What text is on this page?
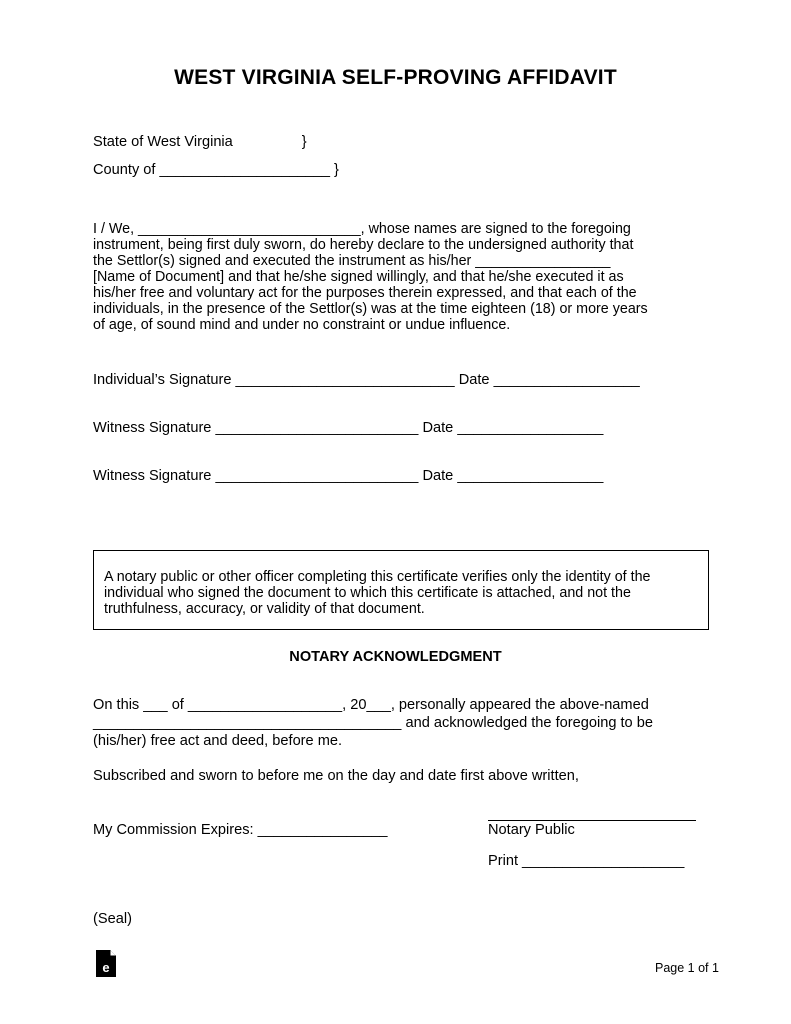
WEST VIRGINIA SELF-PROVING AFFIDAVIT
State of West Virginia                 }
County of _____________________ }
I / We, ____________________________, whose names are signed to the foregoing
instrument, being first duly sworn, do hereby declare to the undersigned authority that
the Settlor(s) signed and executed the instrument as his/her _________________
[Name of Document] and that he/she signed willingly, and that he/she executed it as
his/her free and voluntary act for the purposes therein expressed, and that each of the
individuals, in the presence of the Settlor(s) was at the time eighteen (18) or more years
of age, of sound mind and under no constraint or undue influence.
Individual’s Signature ___________________________ Date __________________
Witness Signature _________________________ Date __________________
Witness Signature _________________________ Date __________________
A notary public or other officer completing this certificate verifies only the identity of the
individual who signed the document to which this certificate is attached, and not the
truthfulness, accuracy, or validity of that document.
NOTARY ACKNOWLEDGMENT
On this ___ of ___________________, 20___, personally appeared the above-named
______________________________________ and acknowledged the foregoing to be
(his/her) free act and deed, before me.
Subscribed and sworn to before me on the day and date first above written,
My Commission Expires: ________________	Notary Public
Print ____________________
(Seal)
e	Page 1 of 1
